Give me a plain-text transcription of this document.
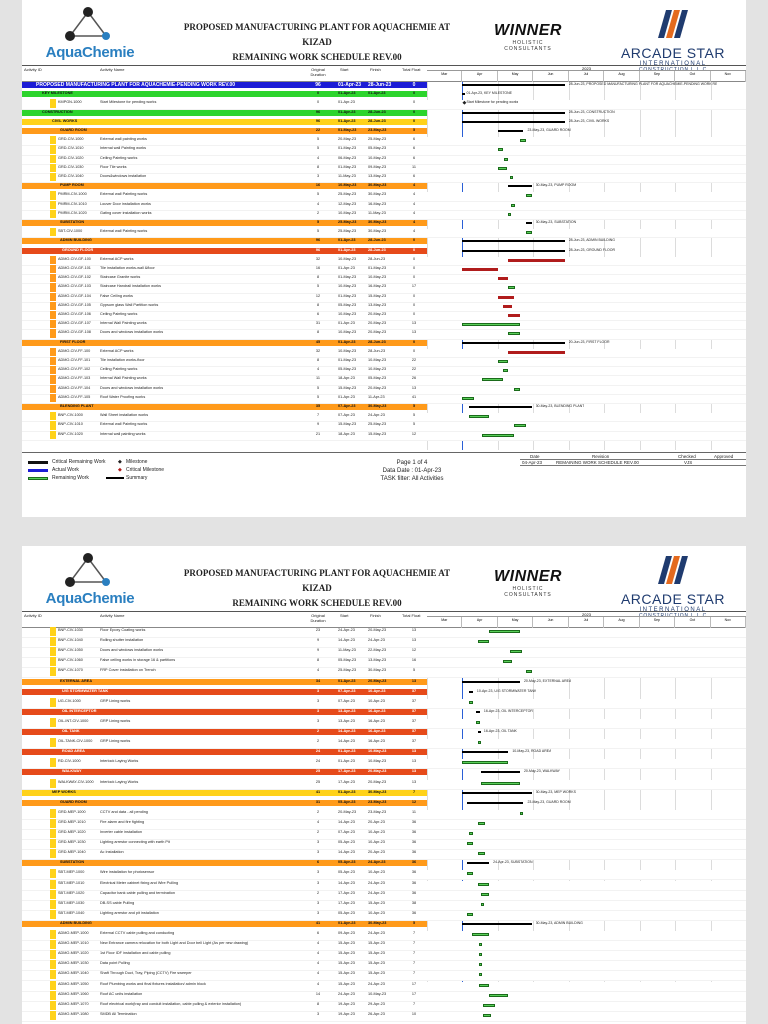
AquaChemie
PROPOSED MANUFACTURING PLANT FOR AQUACHEMIE AT KIZAD
REMAINING WORK SCHEDULE REV.00
WINNER
HOLISTIC CONSULTANTS	ARCADE STAR
INTERNATIONAL
CONSTRUCTION L.L.C
Activity ID	Activity Name	Original Duration
Start	Finish	Total Float	2023
Mar	Apr	May	Jun	Jul	Aug	Sep	Oct	Nov
PROPOSED MANUFACTURING PLANT FOR AQUACHEMIE-PENDING WORK REV.00	96	01-Apr-23	28-Jun-23	0	28-Jun-23, PROPOSED MANUFACTURING PLANT FOR AQUACHEMIE-PENDING WORK RE
KEY MILESTONE	0	01-Apr-23	01-Apr-23	0	01-Apr-23, KEY MILESTONE
KMPGN-1000	Start Milestone for pending works	0	01-Apr-23	0	◆ Start Milestone for pending works
CONSTRUCTION	96	01-Apr-23	28-Jun-23	0	28-Jun-23, CONSTRUCTION
CIVIL WORKS	96	01-Apr-23	28-Jun-23	0	28-Jun-23, CIVIL WORKS
GUARD ROOM	22	01-May-23	23-May-23	5	23-May-23, GUARD ROOM
GRD-CIV-1000	External wall painting works	5	20-May-23	25-May-23	6
GRD-CIV-1010	Internal wall Painting works	5	01-May-23	05-May-23	6
GRD-CIV-1020	Ceiling Painting works	4	06-May-23	10-May-23	6
GRD-CIV-1030	Floor Tile works	8	01-May-23	09-May-23	11
GRD-CIV-1040	Doors&windows installation	3	11-May-23	13-May-23	6
PUMP ROOM	16	10-May-23	30-May-23	4	30-May-23, PUMP ROOM
PMRM-CIV-1000	External wall Painting works	5	25-May-23	30-May-23	4
PMRM-CIV-1010	Louver Door installation works	4	12-May-23	16-May-23	4
PMRM-CIV-1020	Gating cover installation works	2	10-May-23	11-May-23	4
SUBSTATION	5	25-May-23	30-May-23	4	30-May-23, SUBSTATION
SBT-CIV-1000	External wall Painting works	5	25-May-23	30-May-23	4
ADMIN BUILDING	96	01-Apr-23	28-Jun-23	0	28-Jun-23, ADMIN BUILDING
GROUND FLOOR	96	01-Apr-23	28-Jun-23	0	28-Jun-23, GROUND FLOOR
ADMO-CIV-GF-100	External ACP works	32	10-May-23	28-Jun-23	0
ADMO-CIV-GF-101	Tile installation works-wall &floor	16	01-Apr-23	01-May-23	0
ADMO-CIV-GF-102	Staircase Granite works	8	01-May-23	10-May-23	0
ADMO-CIV-GF-103	Staircase Handrail installation works	5	10-May-23	16-May-23	17
ADMO-CIV-GF-104	False Ceiling works	12	01-May-23	15-May-23	0
ADMO-CIV-GF-105	Gypsum glass Wall Partition works	8	05-May-23	13-May-23	0
ADMO-CIV-GF-106	Ceiling Painting works	6	10-May-23	20-May-23	0
ADMO-CIV-GF-107	Internal Wall Painting works	31	01-Apr-23	20-May-23	13
ADMO-CIV-GF-108	Doors and windows installation works	8	10-May-23	20-May-23	13
FIRST FLOOR	45	01-Apr-23	28-Jun-23	0	20-Jun-23, FIRST FLOOR
ADMO-CIV-FF-100	External ACP works	32	10-May-23	28-Jun-23	0
ADMO-CIV-FF-101	Tile installation works-floor	8	01-May-23	10-May-23	22
ADMO-CIV-FF-102	Ceiling Painting works	4	05-May-23	10-May-23	22
ADMO-CIV-FF-103	Internal Wall Painting works	11	18-Apr-23	05-May-23	26
ADMO-CIV-FF-104	Doors and windows installation works	5	15-May-23	20-May-23	13
ADMO-CIV-FF-105	Roof Water Proofing works	5	01-Apr-23	11-Apr-23	41
BLENDING PLANT	35	07-Apr-23	30-May-23	5	30-May-23, BLENDING PLANT
BNP-CIV-1000	Wall Sheet installation works	7	07-Apr-23	24-Apr-23	5
BNP-CIV-1010	External wall Painting works	9	15-May-23	25-May-23	5
BNP-CIV-1020	Internal wall painting works	21	18-Apr-23	15-May-23	12
Critical Remaining Work
Actual Work
Remaining Work
◆ Milestone
◆ Critical Milestone
Summary
Page 1 of 4
Data Date : 01-Apr-23
TASK filter: All Activities
Date	Revision	Checked	Approved
04-Apr-23	REMAINING WORK SCHEDULE REV.00	VJS
AquaChemie
PROPOSED MANUFACTURING PLANT FOR AQUACHEMIE AT KIZAD
REMAINING WORK SCHEDULE REV.00
WINNER
HOLISTIC CONSULTANTS	ARCADE STAR
INTERNATIONAL
CONSTRUCTION L.L.C
Activity ID	Activity Name	Original Duration
Start	Finish	Total Float	2023
Mar	Apr	May	Jun	Jul	Aug	Sep	Oct	Nov
BNP-CIV-1030	Floor Epoxy Coating works	23	24-Apr-23	20-May-23	13
BNP-CIV-1040	Rolling shutter installation	9	14-Apr-23	24-Apr-23	13
BNP-CIV-1050	Doors and windows installation works	9	11-May-23	22-May-23	12
BNP-CIV-1060	False ceiling works in storage 16 & partitions	8	05-May-23	13-May-23	16
BNP-CIV-1070	FRP Cover installation on Trench	4	25-May-23	30-May-23	5
EXTERNAL AREA	34	01-Apr-23	20-May-23	13	20-May-23, EXTERNAL AREA
U/G STORMWATER TANK	3	07-Apr-23	10-Apr-23	37	10-Apr-23, U/G STORMWATER TANK
UG-CIV-1000	GRP Lining works	3	07-Apr-23	10-Apr-23	37
OIL INTERCEPTOR	3	13-Apr-23	16-Apr-23	37	16-Apr-23, OIL INTERCEPTOR
OIL-INT-CIV-1000	GRP Lining works	3	13-Apr-23	16-Apr-23	37
OIL TANK	2	14-Apr-23	16-Apr-23	37	16-Apr-23, OIL TANK
OIL-TANK-CIV-1000	GRP Lining works	2	14-Apr-23	16-Apr-23	37
ROAD AREA	24	01-Apr-23	10-May-23	13	10-May-23, ROAD AREA
RD-CIV-1000	Interlock Laying Works	24	01-Apr-23	10-May-23	13
WALKWAY	25	17-Apr-23	20-May-23	13	20-May-23, WALKWAY
WALKWAY-CIV-1000	Interlock Laying Works	25	17-Apr-23	20-May-23	13
MEP WORKS	41	01-Apr-23	30-May-23	7	30-May-23, MEP WORKS
GUARD ROOM	31	05-Apr-23	23-May-23	12	23-May-23, GUARD ROOM
GRD-MEP-1000	CCTV and data - all pending	2	20-May-23	23-May-23	11
GRD-MEP-1010	Fire alarm and fire fighting	4	14-Apr-23	20-Apr-23	36
GRD-MEP-1020	Inverter cable installation	2	07-Apr-23	10-Apr-23	36
GRD-MEP-1030	Lighting arrestor connecting with earth Pit	3	05-Apr-23	10-Apr-23	36
GRD-MEP-1040	Ac Installation	3	14-Apr-23	20-Apr-23	36
SUBSTATION	6	05-Apr-23	24-Apr-23	36	24-Apr-23, SUBSTATION
SBT-MEP-1000	Wire installation for photosensor	3	05-Apr-23	10-Apr-23	36
SBT-MEP-1010	Electrical Meter cabinet fixing and Wire Pulling	3	14-Apr-23	24-Apr-23	36
SBT-MEP-1020	Capacitor bank cable pulling and termination	2	17-Apr-23	24-Apr-23	36
SBT-MEP-1030	DB-SS cable Pulling	3	17-Apr-23	15-Apr-23	38
SBT-MEP-1040	Lighting arrestor and pit installation	3	05-Apr-23	10-Apr-23	36
ADMIN BUILDING	41	01-Apr-23	30-May-23	5	30-May-23, ADMIN BUILDING
ADMO-MEP-1000	External CCTV cable pulling and conducting	6	09-Apr-23	24-Apr-23	7
ADMO-MEP-1010	New Entrance camera relocation for both Light and Door bell Light (As per new drawing)	4	15-Apr-23	15-Apr-23	7
ADMO-MEP-1020	1st Floor IDF installation and cable pulling	4	15-Apr-23	15-Apr-23	7
ADMO-MEP-1030	Data point Pulling	4	15-Apr-23	15-Apr-23	7
ADMO-MEP-1040	Shaft Through Duct, Tray, Piping (CCTV) Fire sweeper	4	15-Apr-23	15-Apr-23	7
ADMO-MEP-1050	Roof Plumbing works and final fixtures installation/ admin block	4	15-Apr-23	24-Apr-23	17
ADMO-MEP-1060	Roof AC units installation	14	24-Apr-23	10-May-23	17
ADMO-MEP-1070	Roof electrical work(tray and conduit installation, cable pulling & exterior installation)	8	19-Apr-23	29-Apr-23	7
ADMO-MEP-1080	SMDB All Termination	3	19-Apr-23	26-Apr-23	10
